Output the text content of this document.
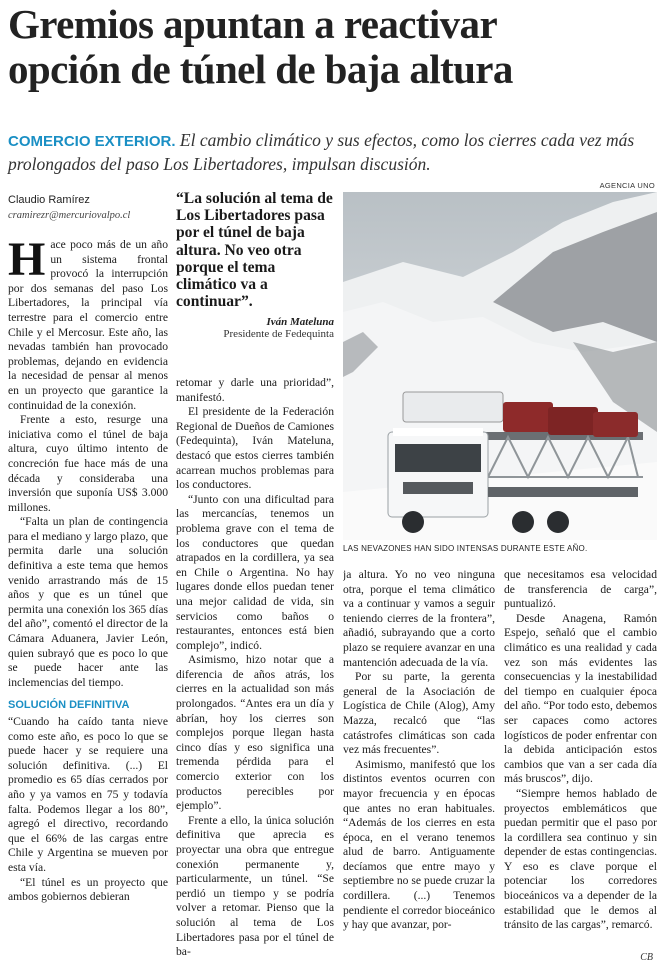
Gremios apuntan a reactivar
opción de túnel de baja altura
COMERCIO EXTERIOR. El cambio climático y sus efectos, como los cierres cada vez más prolongados del paso Los Libertadores, impulsan discusión.
Claudio Ramírez
cramirezr@mercuriovalpo.cl

Hace poco más de un año un sistema frontal provocó la interrupción por dos semanas del paso Los Libertadores, la principal vía terrestre para el comercio entre Chile y el Mercosur. Este año, las nevadas también han provocado problemas, dejando en evidencia la necesidad de pensar al menos en un proyecto que garantice la continuidad de la conexión.

Frente a esto, resurge una iniciativa como el túnel de baja altura, cuyo último intento de concreción fue hace más de una década y consideraba una inversión que suponía US$ 3.000 millones.

“Falta un plan de contingencia para el mediano y largo plazo, que permita darle una solución definitiva a este tema que hemos venido arrastrando más de 15 años y que es un túnel que permita una conexión los 365 días del año”, comentó el director de la Cámara Aduanera, Javier León, quien subrayó que es poco lo que se puede hacer ante las inclemencias del tiempo.

SOLUCIÓN DEFINITIVA

“Cuando ha caído tanta nieve como este año, es poco lo que se puede hacer y se requiere una solución definitiva. (...) El promedio es 65 días cerrados por año y ya vamos en 75 y todavía falta. Podemos llegar a los 80”, agregó el directivo, recordando que el 66% de las cargas entre Chile y Argentina se mueven por esta vía.

“El túnel es un proyecto que ambos gobiernos debieran

“La solución al tema de Los Libertadores pasa por el túnel de baja altura. No veo otra porque el tema climático va a continuar”.
Iván Mateluna
Presidente de Fedequinta

retomar y darle una prioridad”, manifestó.

El presidente de la Federación Regional de Dueños de Camiones (Fedequinta), Iván Mateluna, destacó que estos cierres también acarrean muchos problemas para los conductores.

“Junto con una dificultad para las mercancías, tenemos un problema grave con el tema de los conductores que quedan atrapados en la cordillera, ya sea en Chile o Argentina. No hay lugares donde ellos puedan tener una mejor calidad de vida, sin servicios como baños o restaurantes, entonces está bien complejo”, indicó.

Asimismo, hizo notar que a diferencia de años atrás, los cierres en la actualidad son más prolongados. “Antes era un día y abrían, hoy los cierres son complejos porque llegan hasta cinco días y eso significa una tremenda pérdida para el comercio exterior con los productos perecibles por ejemplo”.

Frente a ello, la única solución definitiva que aprecia es proyectar una obra que entregue conexión permanente y, particularmente, un túnel. “Se perdió un tiempo y se podría volver a retomar. Pienso que la solución al tema de Los Libertadores pasa por el túnel de ba-

AGENCIA UNO
LAS NEVAZONES HAN SIDO INTENSAS DURANTE ESTE AÑO.

ja altura. Yo no veo ninguna otra, porque el tema climático va a continuar y vamos a seguir teniendo cierres de la frontera”, añadió, subrayando que a corto plazo se requiere avanzar en una mantención adecuada de la vía.

Por su parte, la gerenta general de la Asociación de Logística de Chile (Alog), Amy Mazza, recalcó que “las catástrofes climáticas son cada vez más frecuentes”.

Asimismo, manifestó que los distintos eventos ocurren con mayor frecuencia y en épocas que antes no eran habituales. “Además de los cierres en esta época, en el verano tenemos alud de barro. Antiguamente decíamos que entre mayo y septiembre no se puede cruzar la cordillera. (...) Tenemos pendiente el corredor bioceánico y hay que avanzar, por-

que necesitamos esa velocidad de transferencia de carga”, puntualizó.

Desde Anagena, Ramón Espejo, señaló que el cambio climático es una realidad y cada vez son más evidentes las consecuencias y la inestabilidad del tiempo en cualquier época del año. “Por todo esto, debemos ser capaces como actores logísticos de poder enfrentar con la debida anticipación estos cambios que van a ser cada día más bruscos”, dijo.

“Siempre hemos hablado de proyectos emblemáticos que puedan permitir que el paso por la cordillera sea continuo y sin depender de estas contingencias. Y eso es clave porque el potenciar los corredores bioceánicos va a depender de la estabilidad que le demos al tránsito de las cargas”, remarcó.

CB
